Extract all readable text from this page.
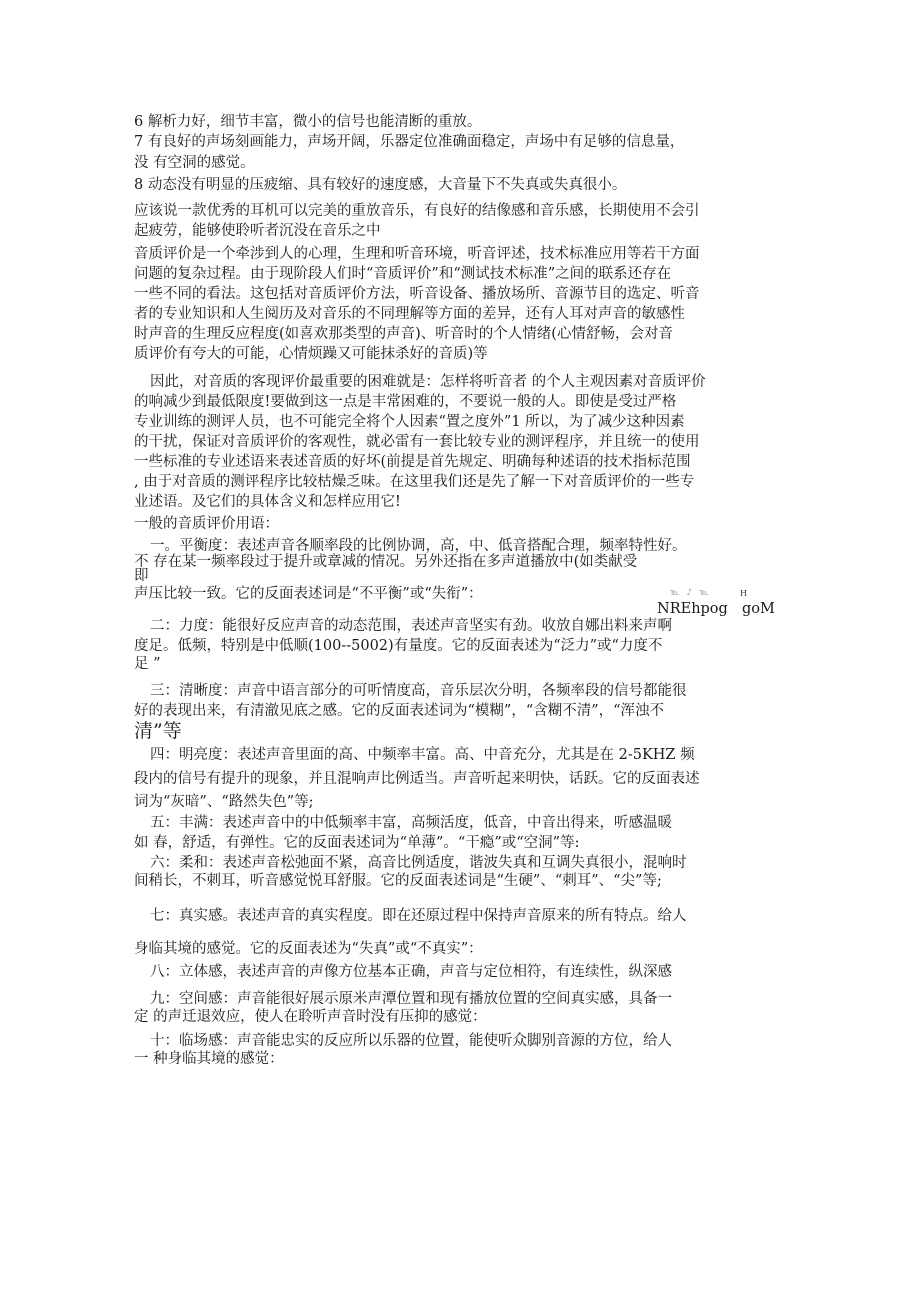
6 解析力好，细节丰富，微小的信号也能清断的重放。
7 有良好的声场刻画能力，声场开阔，乐器定位准确面稳定，声场中有足够的信息量，
没 有空洞的感觉。
8 动态没有明显的压疲缩、具有较好的速度感，大音量下不失真或失真很小。
应该说一款优秀的耳机可以完美的重放音乐，有良好的结像感和音乐感，长期使用不会引
起疲劳，能够使聆听者沉没在音乐之中
音质评价是一个牵涉到人的心理，生理和听音环境，听音评述，技术标准应用等若干方面
问题的复杂过程。由于现阶段人们时“音质评价”和“测试技术标准”之间的联系还存在
一些不同的看法。这包括对音质评价方法，听音设备、播放场所、音源节目的选定、听音
者的专业知识和人生阅历及对音乐的不同理解等方面的差异，还有人耳对声音的敏感性
时声音的生理反应程度(如喜欢那类型的声音)、听音时的个人情绪(心情舒畅，会对音
质评价有夸大的可能，心情烦躁又可能抹杀好的音质)等
因此，对音质的客现评价最重要的困难就是：怎样将听音者 的个人主观因素对音质评价
的响减少到最低限度!要做到这一点是丰常困难的，不要说一般的人。即使是受过严格
专业训练的测评人员，也不可能完全将个人因素“置之度外”1 所以，为了减少这种因素
的干扰，保证对音质评价的客观性，就必雷有一套比较专业的测评程序，并且统一的使用
一些标准的专业述语来表述音质的好坏(前提是首先规定、明确每种述语的技术指标范围
, 由于对音质的测评程序比较枯燥乏味。在这里我们还是先了解一下对音质评价的一些专
业述语。及它们的具体含义和怎样应用它!
一般的音质评价用语：
一。平衡度：表述声音各顺率段的比例协调，高，中、低音搭配合理，频率特性好。
不 存在某一频率段过于提升或章减的情况。另外还指在多声道播放中(如类献受
即
声压比较一致。它的反面表述词是“不平衡”或“失衔”：	℡ ♪ ℡	H
NREhpog goM
二：力度：能很好反应声音的动态范围，表述声音坚实有劲。收放自娜出料来声啊
度足。低频，特别是中低顺(100--5002)有量度。它的反面表述为“泛力”或“力度不
足 ”
三：清晰度：声音中语言部分的可听情度高，音乐层次分明，各频率段的信号都能很
好的表现出来，有清澈见底之感。它的反面表述词为“模糊”，“含糊不清”，“浑浊不
清”等
四：明亮度：表述声音里面的高、中频率丰富。高、中音充分，尤其是在 2-5KHZ 频
段内的信号有提升的现象，并且混响声比例适当。声音听起来明快，话跃。它的反面表述
词为“灰暗”、“路然失色”等;
五：丰满：表述声音中的中低频率丰富，高频活度，低音，中音出得来，听感温暖
如 春，舒适，有弹性。它的反面表述词为“单薄”。“干瘾”或“空洞”等:
六：柔和：表述声音松弛面不紧，高音比例适度，谐波失真和互调失真很小，混响时
间稍长，不刺耳，听音感觉悦耳舒服。它的反面表述词是“生硬”、“刺耳”、“尖”等;
七：真实感。表述声音的真实程度。即在还原过程中保持声音原来的所有特点。给人
身临其境的感觉。它的反面表述为“失真”或“不真实”：
八：立体感，表述声音的声像方位基本正确，声音与定位相符，有连续性，纵深感
九：空间感：声音能很好展示原米声潭位置和现有播放位置的空间真实感，具备一
定 的声迁退效应，使人在聆听声音时没有压抑的感觉：
十：临场感：声音能忠实的反应所以乐器的位置，能使听众脚别音源的方位，给人
一 种身临其境的感觉：
